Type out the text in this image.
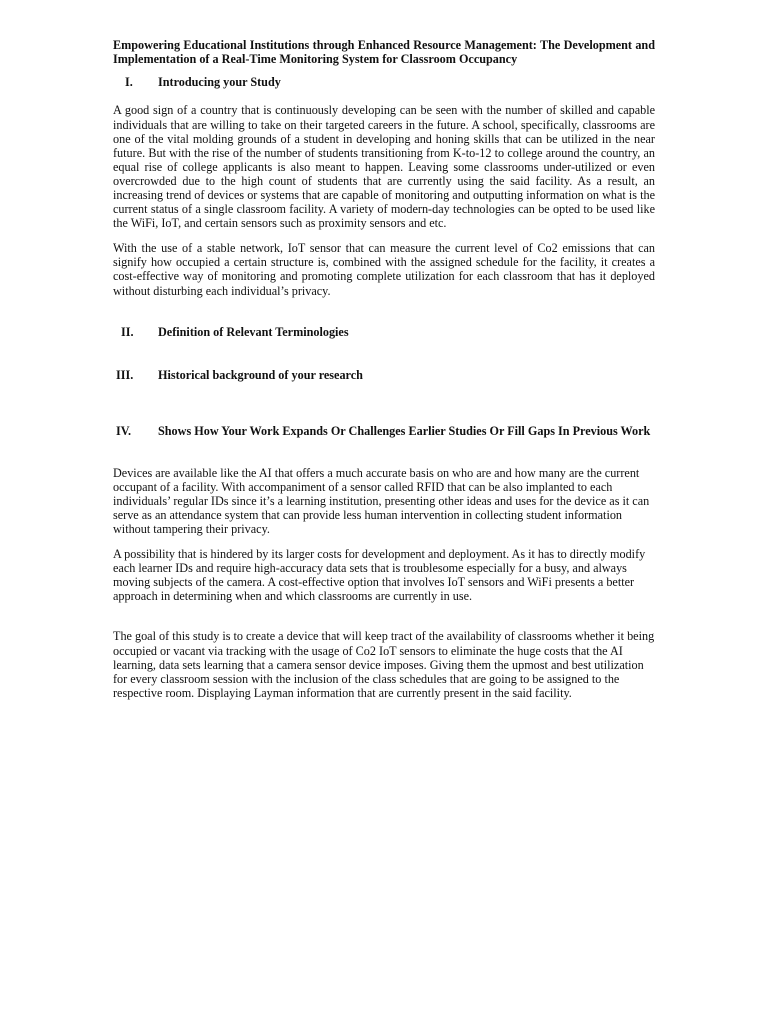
Empowering Educational Institutions through Enhanced Resource Management: The Development and Implementation of a Real-Time Monitoring System for Classroom Occupancy

I.	Introducing your Study

A good sign of a country that is continuously developing can be seen with the number of skilled and capable individuals that are willing to take on their targeted careers in the future. A school, specifically, classrooms are one of the vital molding grounds of a student in developing and honing skills that can be utilized in the near future. But with the rise of the number of students transitioning from K-to-12 to college around the country, an equal rise of college applicants is also meant to happen. Leaving some classrooms under-utilized or even overcrowded due to the high count of students that are currently using the said facility. As a result, an increasing trend of devices or systems that are capable of monitoring and outputting information on what is the current status of a single classroom facility. A variety of modern-day technologies can be opted to be used like the WiFi, IoT, and certain sensors such as proximity sensors and etc.

With the use of a stable network, IoT sensor that can measure the current level of Co2 emissions that can signify how occupied a certain structure is, combined with the assigned schedule for the facility, it creates a cost-effective way of monitoring and promoting complete utilization for each classroom that has it deployed without disturbing each individual’s privacy.

II.	Definition of Relevant Terminologies
III.	Historical background of your research
IV.	Shows How Your Work Expands Or Challenges Earlier Studies Or Fill Gaps In Previous Work

Devices are available like the AI that offers a much accurate basis on who are and how many are the current occupant of a facility. With accompaniment of a sensor called RFID that can be also implanted to each individuals’ regular IDs since it’s a learning institution, presenting other ideas and uses for the device as it can serve as an attendance system that can provide less human intervention in collecting student information without tampering their privacy.

A possibility that is hindered by its larger costs for development and deployment. As it has to directly modify each learner IDs and require high-accuracy data sets that is troublesome especially for a busy, and always moving subjects of the camera. A cost-effective option that involves IoT sensors and WiFi presents a better approach in determining when and which classrooms are currently in use.

The goal of this study is to create a device that will keep tract of the availability of classrooms whether it being occupied or vacant via tracking with the usage of Co2 IoT sensors to eliminate the huge costs that the AI learning, data sets learning that a camera sensor device imposes. Giving them the upmost and best utilization for every classroom session with the inclusion of the class schedules that are going to be assigned to the respective room. Displaying Layman information that are currently present in the said facility.
